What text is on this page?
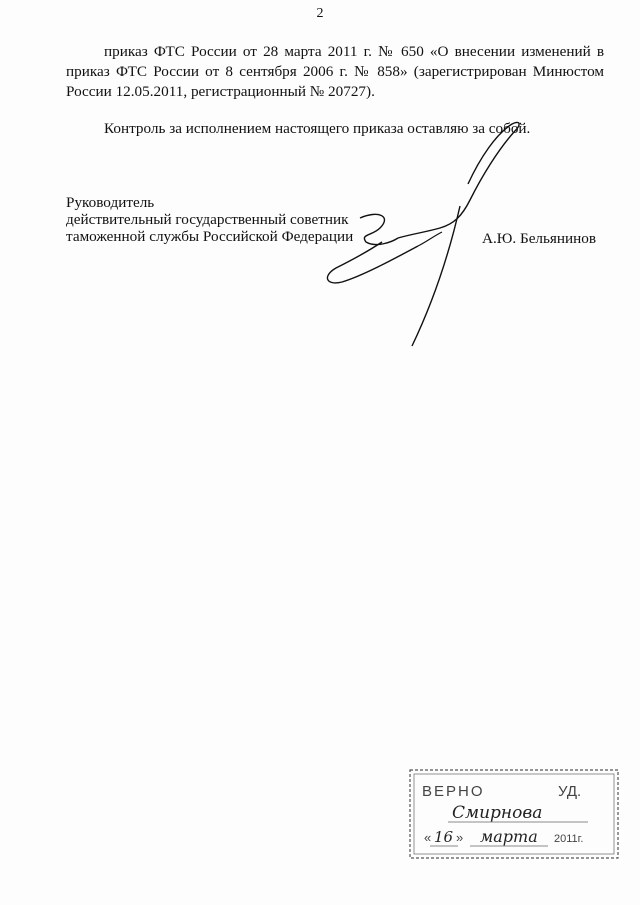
2
приказ ФТС России от 28 марта 2011 г. № 650 «О внесении изменений в приказ ФТС России от 8 сентября 2006 г. № 858» (зарегистрирован Минюстом России 12.05.2011, регистрационный № 20727).
Контроль за исполнением настоящего приказа оставляю за собой.
Руководитель
действительный государственный советник
таможенной службы Российской Федерации	А.Ю. Бельянинов
ВЕРНО	УД.
Смирнова
« 16 » марта 2011г.
